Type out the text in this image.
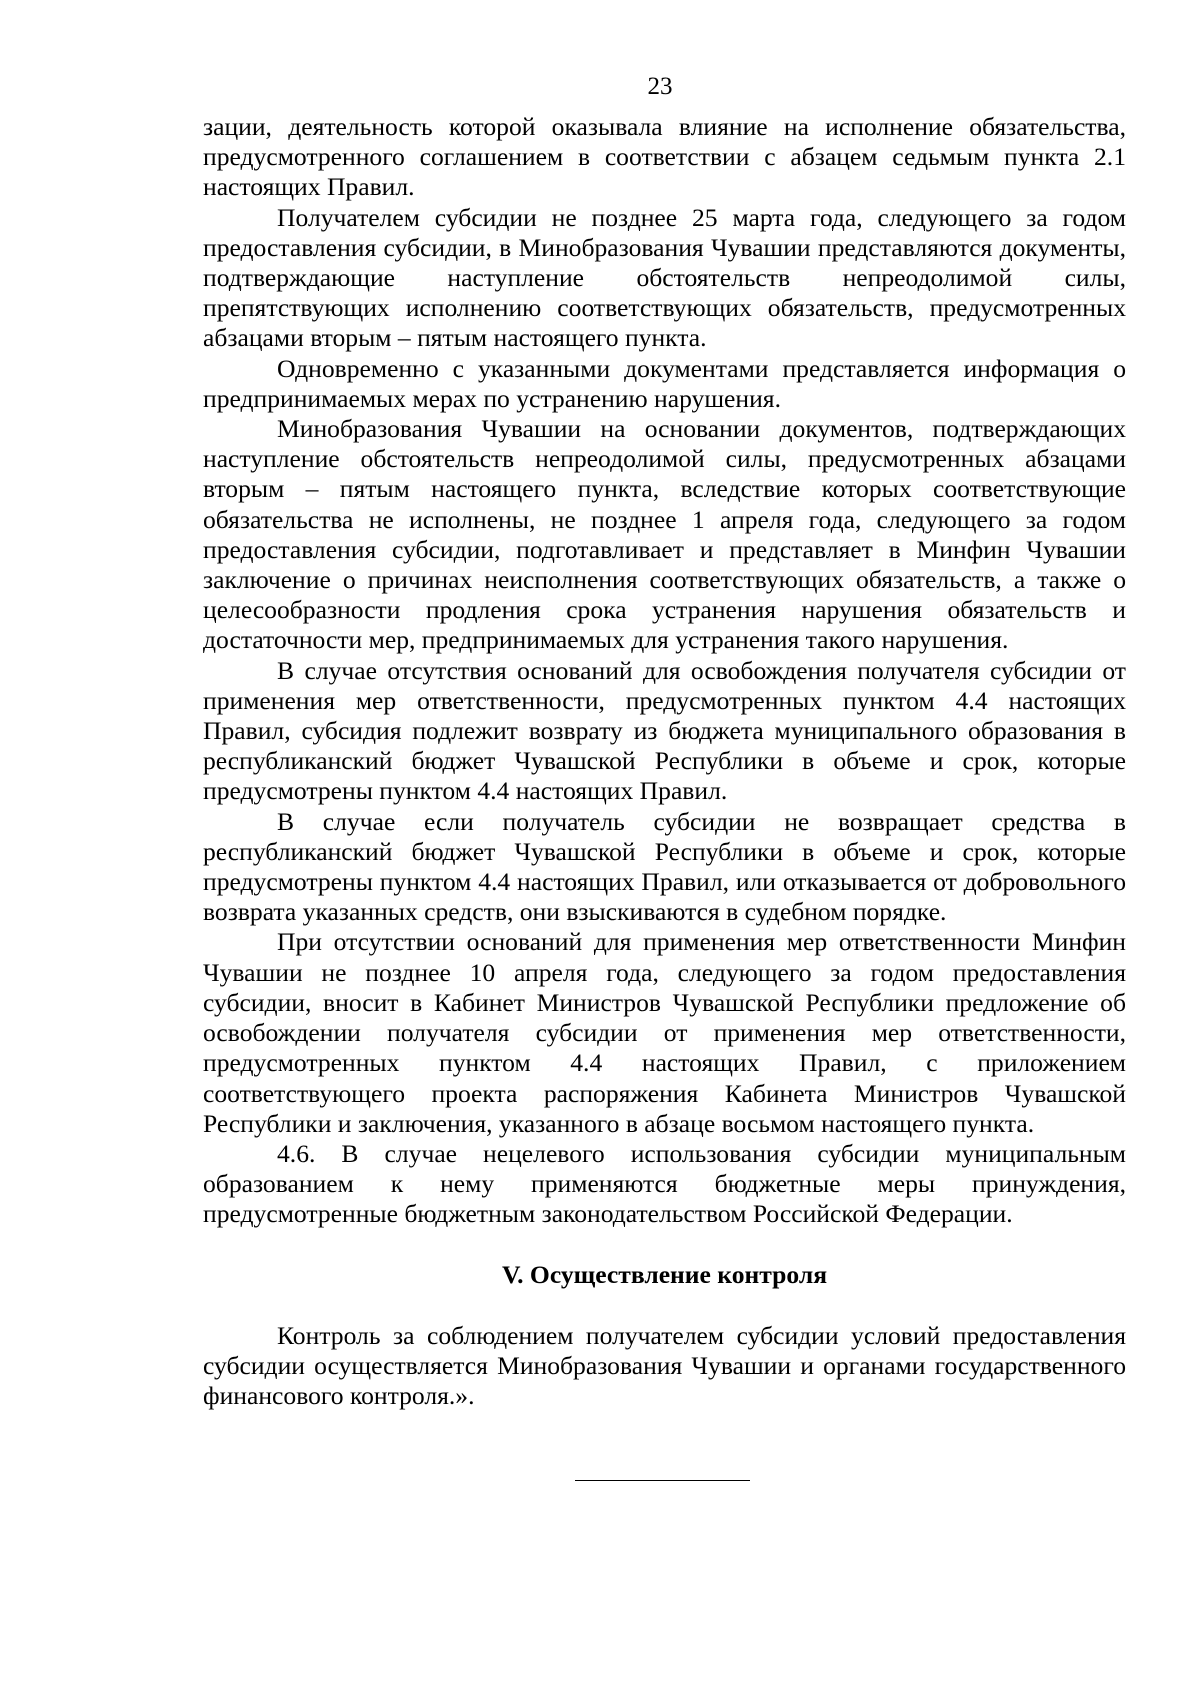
23

зации, деятельность которой оказывала влияние на исполнение обязательства, предусмотренного соглашением в соответствии с абзацем седьмым пункта 2.1 настоящих Правил.

Получателем субсидии не позднее 25 марта года, следующего за годом предоставления субсидии, в Минобразования Чувашии представляются документы, подтверждающие наступление обстоятельств непреодолимой силы, препятствующих исполнению соответствующих обязательств, предусмотренных абзацами вторым – пятым настоящего пункта.

Одновременно с указанными документами представляется информация о предпринимаемых мерах по устранению нарушения.

Минобразования Чувашии на основании документов, подтверждающих наступление обстоятельств непреодолимой силы, предусмотренных абзацами вторым – пятым настоящего пункта, вследствие которых соответствующие обязательства не исполнены, не позднее 1 апреля года, следующего за годом предоставления субсидии, подготавливает и представляет в Минфин Чувашии заключение о причинах неисполнения соответствующих обязательств, а также о целесообразности продления срока устранения нарушения обязательств и достаточности мер, предпринимаемых для устранения такого нарушения.

В случае отсутствия оснований для освобождения получателя субсидии от применения мер ответственности, предусмотренных пунктом 4.4 настоящих Правил, субсидия подлежит возврату из бюджета муниципального образования в республиканский бюджет Чувашской Республики в объеме и срок, которые предусмотрены пунктом 4.4 настоящих Правил.

В случае если получатель субсидии не возвращает средства в республиканский бюджет Чувашской Республики в объеме и срок, которые предусмотрены пунктом 4.4 настоящих Правил, или отказывается от добровольного возврата указанных средств, они взыскиваются в судебном порядке.

При отсутствии оснований для применения мер ответственности Минфин Чувашии не позднее 10 апреля года, следующего за годом предоставления субсидии, вносит в Кабинет Министров Чувашской Республики предложение об освобождении получателя субсидии от применения мер ответственности, предусмотренных пунктом 4.4 настоящих Правил, с приложением соответствующего проекта распоряжения Кабинета Министров Чувашской Республики и заключения, указанного в абзаце восьмом настоящего пункта.

4.6. В случае нецелевого использования субсидии муниципальным образованием к нему применяются бюджетные меры принуждения, предусмотренные бюджетным законодательством Российской Федерации.

V. Осуществление контроля

Контроль за соблюдением получателем субсидии условий предоставления субсидии осуществляется Минобразования Чувашии и органами государственного финансового контроля.».
